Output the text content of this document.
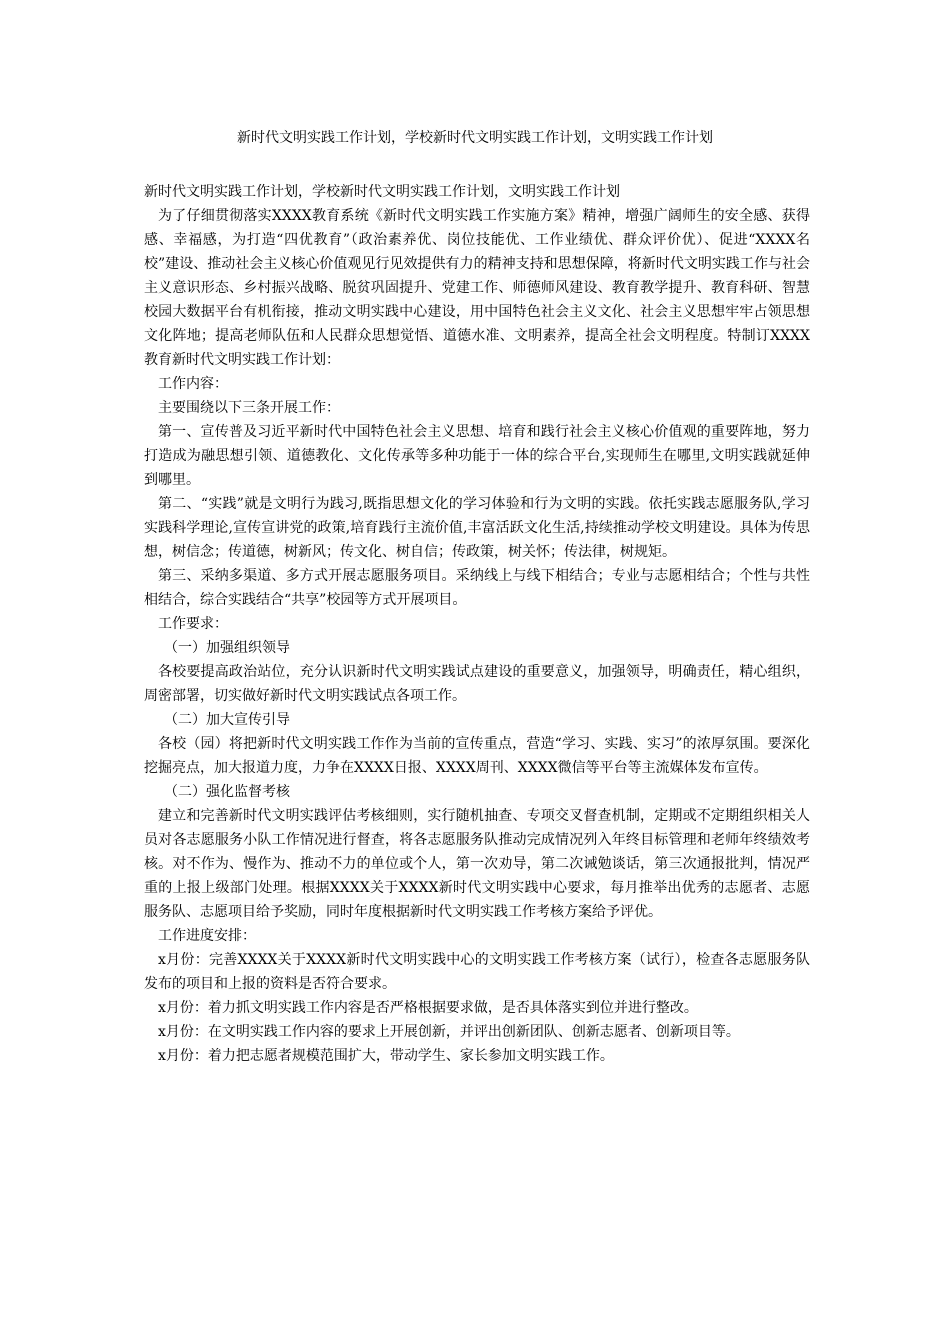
新时代文明实践工作计划，学校新时代文明实践工作计划，文明实践工作计划

新时代文明实践工作计划，学校新时代文明实践工作计划，文明实践工作计划

为了仔细贯彻落实XXXX教育系统《新时代文明实践工作实施方案》精神，增强广阔师生的安全感、获得感、幸福感，为打造“四优教育”（政治素养优、岗位技能优、工作业绩优、群众评价优）、促进“XXXX名校”建设、推动社会主义核心价值观见行见效提供有力的精神支持和思想保障，将新时代文明实践工作与社会主义意识形态、乡村振兴战略、脱贫巩固提升、党建工作、师德师风建设、教育教学提升、教育科研、智慧校园大数据平台有机衔接，推动文明实践中心建设，用中国特色社会主义文化、社会主义思想牢牢占领思想文化阵地；提高老师队伍和人民群众思想觉悟、道德水准、文明素养，提高全社会文明程度。特制订XXXX教育新时代文明实践工作计划：

工作内容：

主要围绕以下三条开展工作：

第一、宣传普及习近平新时代中国特色社会主义思想、培育和践行社会主义核心价值观的重要阵地，努力打造成为融思想引领、道德教化、文化传承等多种功能于一体的综合平台,实现师生在哪里,文明实践就延伸到哪里。

第二、“实践”就是文明行为践习,既指思想文化的学习体验和行为文明的实践。依托实践志愿服务队,学习实践科学理论,宣传宣讲党的政策,培育践行主流价值,丰富活跃文化生活,持续推动学校文明建设。具体为传思想，树信念；传道德，树新风；传文化、树自信；传政策，树关怀；传法律，树规矩。

第三、采纳多渠道、多方式开展志愿服务项目。采纳线上与线下相结合；专业与志愿相结合；个性与共性相结合，综合实践结合“共享”校园等方式开展项目。

工作要求：

（一）加强组织领导

各校要提高政治站位，充分认识新时代文明实践试点建设的重要意义，加强领导，明确责任，精心组织，周密部署，切实做好新时代文明实践试点各项工作。

（二）加大宣传引导

各校（园）将把新时代文明实践工作作为当前的宣传重点，营造“学习、实践、实习”的浓厚氛围。要深化挖掘亮点，加大报道力度，力争在XXXX日报、XXXX周刊、XXXX微信等平台等主流媒体发布宣传。

（二）强化监督考核

建立和完善新时代文明实践评估考核细则，实行随机抽查、专项交叉督查机制，定期或不定期组织相关人员对各志愿服务小队工作情况进行督查，将各志愿服务队推动完成情况列入年终目标管理和老师年终绩效考核。对不作为、慢作为、推动不力的单位或个人，第一次劝导，第二次诫勉谈话，第三次通报批判，情况严重的上报上级部门处理。根据XXXX关于XXXX新时代文明实践中心要求，每月推举出优秀的志愿者、志愿服务队、志愿项目给予奖励，同时年度根据新时代文明实践工作考核方案给予评优。

工作进度安排：

x月份：完善XXXX关于XXXX新时代文明实践中心的文明实践工作考核方案（试行），检查各志愿服务队发布的项目和上报的资料是否符合要求。

x月份：着力抓文明实践工作内容是否严格根据要求做，是否具体落实到位并进行整改。

x月份：在文明实践工作内容的要求上开展创新，并评出创新团队、创新志愿者、创新项目等。

x月份：着力把志愿者规模范围扩大，带动学生、家长参加文明实践工作。
